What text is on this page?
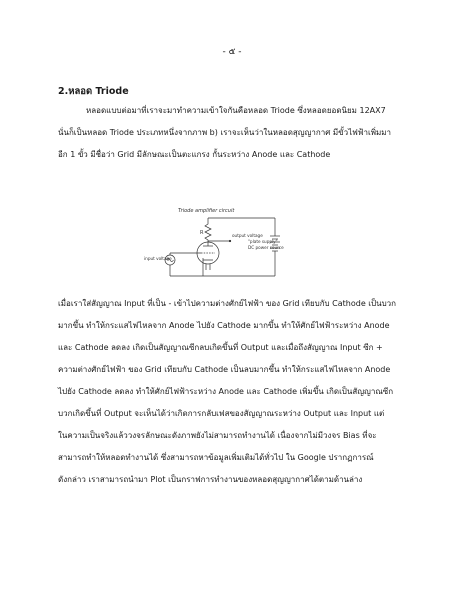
- ๕ -
2.หลอด Triode
หลอดแบบต่อมาที่เราจะมาทำความเข้าใจกันคือหลอด Triode ซึ่งหลอดยอดนิยม 12AX7
นั่นก็เป็นหลอด Triode ประเภทหนึ่งจากภาพ b) เราจะเห็นว่าในหลอดสุญญากาศ มีขั้วไฟฟ้าเพิ่มมา
อีก 1 ขั้ว มีชื่อว่า Grid มีลักษณะเป็นตะแกรง กั้นระหว่าง Anode และ Cathode
Triode amplifier circuit
R	output voltage
"plate supply"
DC power source
input voltage
เมื่อเราใส่สัญญาณ Input ที่เป็น - เข้าไปความต่างศักย์ไฟฟ้า ของ Grid เทียบกับ Cathode เป็นบวก
มากขึ้น ทำให้กระแสไฟไหลจาก Anode ไปยัง Cathode มากขึ้น ทำให้ศักย์ไฟฟ้าระหว่าง Anode
และ Cathode ลดลง เกิดเป็นสัญญาณซีกลบเกิดขึ้นที่ Output และเมื่อถึงสัญญาณ Input ซีก +
ความต่างศักย์ไฟฟ้า ของ Grid เทียบกับ Cathode เป็นลบมากขึ้น ทำให้กระแสไฟไหลจาก Anode
ไปยัง Cathode ลดลง ทำให้ศักย์ไฟฟ้าระหว่าง Anode และ Cathode เพิ่มขึ้น เกิดเป็นสัญญาณซีก
บวกเกิดขึ้นที่ Output จะเห็นได้ว่าเกิดการกลับเฟสของสัญญาณระหว่าง Output และ Input แต่
ในความเป็นจริงแล้ววงจรลักษณะดังภาพยังไม่สามารถทำงานได้ เนื่องจากไม่มีวงจร Bias ที่จะ
สามารถทำให้หลอดทำงานได้ ซึ่งสามารถหาข้อมูลเพิ่มเติมได้ทั่วไป ใน Google ปรากฏการณ์
ดังกล่าว เราสามารถนำมา Plot เป็นกราฟการทำงานของหลอดสุญญากาศได้ตามด้านล่าง
